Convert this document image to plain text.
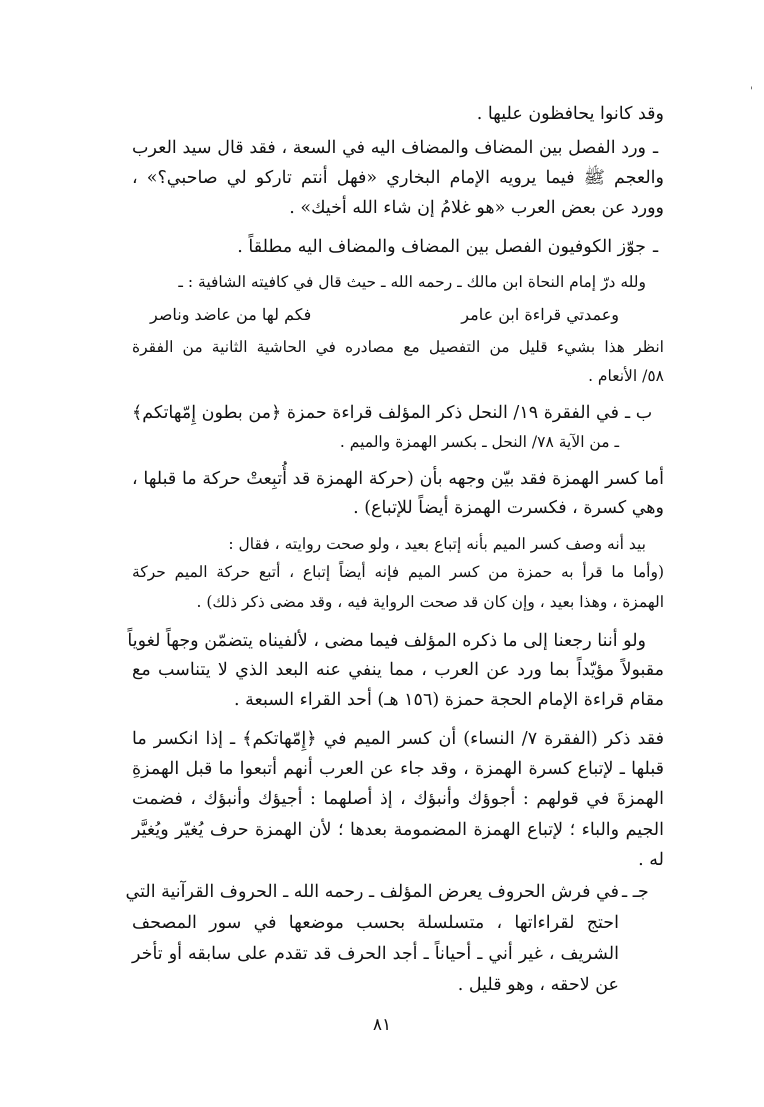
'
وقد كانوا يحافظون عليها .
ـ
ورد الفصل بين المضاف والمضاف اليه في السعة ، فقد قال سيد العرب
والعجم ﷺ فيما يرويه الإمام البخاري «فهل أنتم تاركو لي صاحبي؟» ،
وورد عن بعض العرب «هو غلامُ إن شاء الله أخيك» .
ـ
جوّز الكوفيون الفصل بين المضاف والمضاف اليه مطلقاً .
ولله درّ إمام النحاة ابن مالك ـ رحمه الله ـ حيث قال في كافيته الشافية : ـ
وعمدتي قراءة ابن عامر
فكم لها من عاضد وناصر
انظر هذا بشيء قليل من التفصيل مع مصادره في الحاشية الثانية من الفقرة
٥٨/ الأنعام .
ب ـ
في الفقرة ١٩/ النحل ذكر المؤلف قراءة حمزة ﴿من بطون إِمّهاتكم﴾
ـ من الآية ٧٨/ النحل ـ بكسر الهمزة والميم .
أما كسر الهمزة فقد بيّن وجهه بأن (حركة الهمزة قد أُتبِعتْ حركة ما قبلها ،
وهي كسرة ، فكسرت الهمزة أيضاً للإتباع) .
بيد أنه وصف كسر الميم بأنه إتباع بعيد ، ولو صحت روايته ، فقال :
(وأما ما قرأ به حمزة من كسر الميم فإنه أيضاً إتباع ، أتبع حركة الميم حركة
الهمزة ، وهذا بعيد ، وإن كان قد صحت الرواية فيه ، وقد مضى ذكر ذلك) .
ولو أننا رجعنا إلى ما ذكره المؤلف فيما مضى ، لألفيناه يتضمّن وجهاً لغوياً
مقبولاً مؤيّداً بما ورد عن العرب ، مما ينفي عنه البعد الذي لا يتناسب مع
مقام قراءة الإمام الحجة حمزة (١٥٦ هـ) أحد القراء السبعة .
فقد ذكر (الفقرة ٧/ النساء) أن كسر الميم في ﴿إِمّهاتكم﴾ ـ إذا انكسر ما
قبلها ـ لإتباع كسرة الهمزة ، وقد جاء عن العرب أنهم أتبعوا ما قبل الهمزةِ
الهمزةَ في قولهم : أجوؤك وأنبؤك ، إذ أصلهما : أجيؤك وأنبؤك ، فضمت
الجيم والباء ؛ لإتباع الهمزة المضمومة بعدها ؛ لأن الهمزة حرف يُغيّر ويُغيَّر
له .
جـ ـ
في فرش الحروف يعرض المؤلف ـ رحمه الله ـ الحروف القرآنية التي
احتج لقراءاتها ، متسلسلة بحسب موضعها في سور المصحف
الشريف ، غير أني ـ أحياناً ـ أجد الحرف قد تقدم على سابقه أو تأخر
عن لاحقه ، وهو قليل .
٨١
